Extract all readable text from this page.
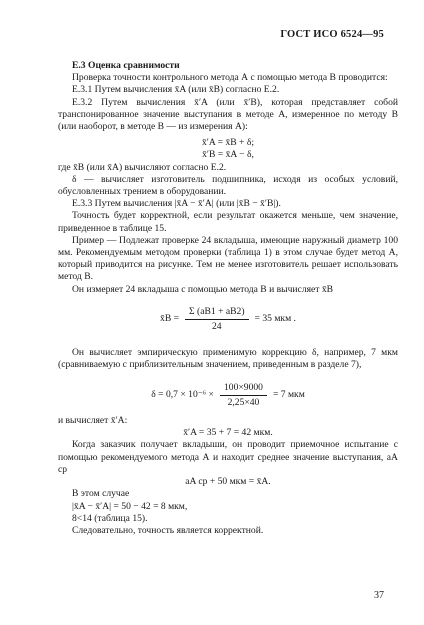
ГОСТ ИСО 6524—95

Е.3 Оценка сравнимости

Проверка точности контрольного метода А с помощью метода В проводится:

Е.3.1 Путем вычисления x̄A (или x̄B) согласно Е.2.

Е.3.2 Путем вычисления x̄′A (или x̄′B), которая представляет собой транспонированное значение выступания в методе А, измеренное по методу В (или наоборот, в методе В — из измерения А):

x̄′A = x̄B + δ;

x̄′B = x̄A − δ,

где x̄B (или x̄A) вычисляют согласно Е.2.

δ — вычисляет изготовитель подшипника, исходя из особых условий, обусловленных трением в оборудовании.

Е.3.3 Путем вычисления |x̄A − x̄′A| (или |x̄B − x̄′B|).

Точность будет корректной, если результат окажется меньше, чем значение, приведенное в таблице 15.

Пример — Подлежат проверке 24 вкладыша, имеющие наружный диаметр 100 мм. Рекомендуемым методом проверки (таблица 1) в этом случае будет метод А, который приводится на рисунке. Тем не менее изготовитель решает использовать метод В.

Он измеряет 24 вкладыша с помощью метода В и вычисляет x̄B

x̄B = $\frac{\Sigma (aB1 + aB2)}{24} = 35$ мкм .

Он вычисляет эмпирическую применимую коррекцию δ, например, 7 мкм (сравниваемую с приблизительным значением, приведенным в разделе 7),

$\delta = 0,7 \times 10^{-6} \times \frac{100\times 9000}{2,25\times 40} = 7$ мкм

и вычисляет x̄′A:

x̄′A = 35 + 7 = 42 мкм.

Когда заказчик получает вкладыши, он проводит приемочное испытание с помощью рекомендуемого метода А и находит среднее значение выступания, aA ср

aA ср + 50 мкм = x̄A.

В этом случае

|x̄A − x̄′A| = 50 − 42 = 8 мкм,

8<14 (таблица 15).

Следовательно, точность является корректной.

37
